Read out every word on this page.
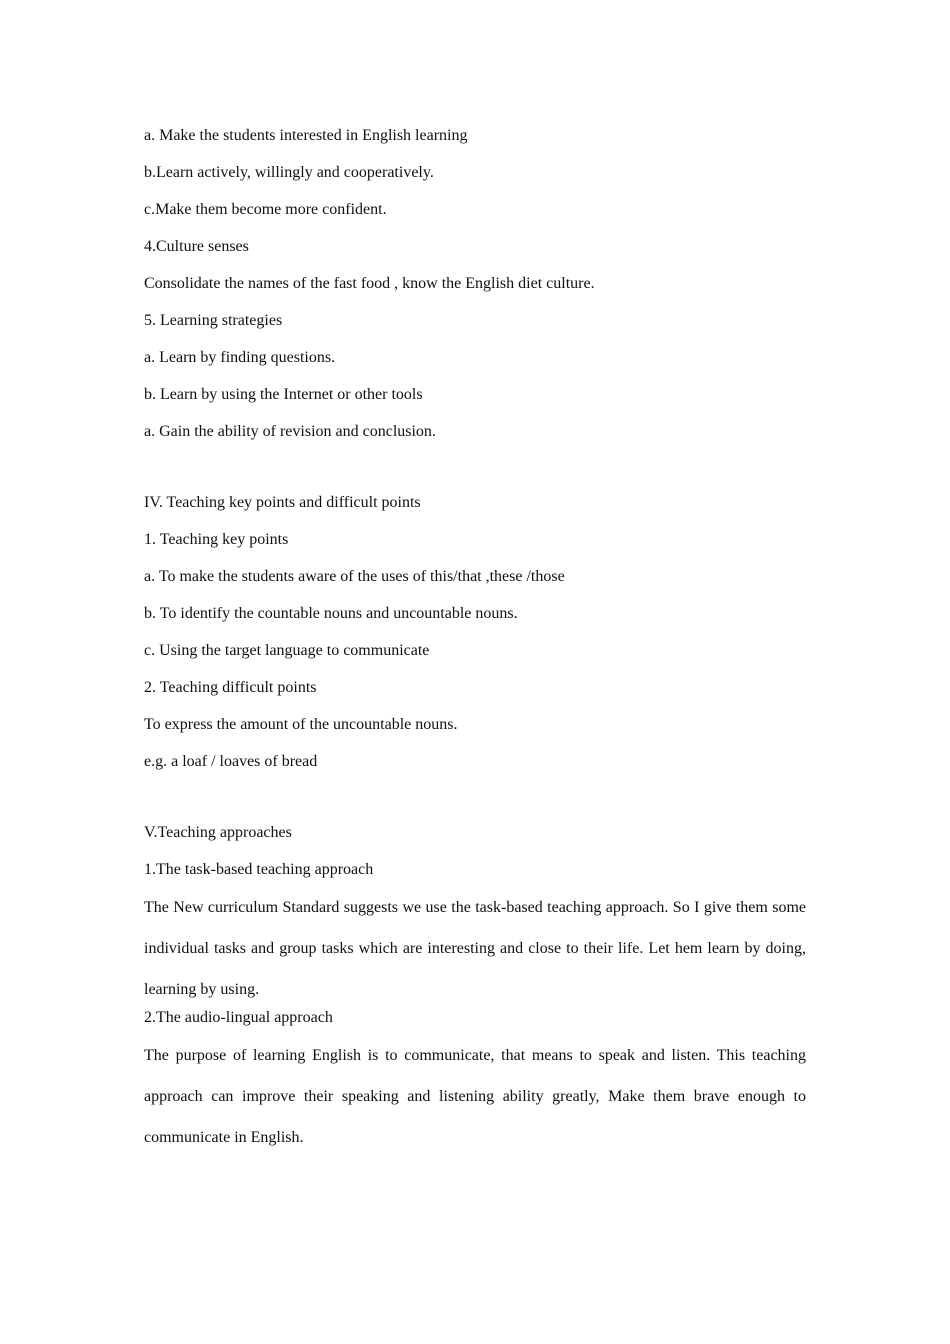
a. Make the students interested in English learning
b.Learn actively, willingly and cooperatively.
c.Make them become more confident.
4.Culture senses
Consolidate the names of the fast food , know the English diet culture.
5. Learning strategies
a. Learn by finding questions.
b. Learn by using the Internet or other tools
a. Gain the ability of revision and conclusion.
IV. Teaching key points and difficult points
1. Teaching key points
a. To make the students aware of the uses of this/that ,these /those
b. To identify the countable nouns and uncountable nouns.
c. Using the target language to communicate
2. Teaching difficult points
To express the amount of the uncountable nouns.
e.g. a loaf / loaves of bread
V.Teaching approaches
1.The task-based teaching approach
The New curriculum Standard suggests we use the task-based teaching approach. So I give them some individual tasks and group tasks which are interesting and close to their life. Let hem learn by doing, learning by using.
2.The audio-lingual approach
The purpose of learning English is to communicate, that means to speak and listen. This teaching approach can improve their speaking and listening ability greatly, Make them brave enough to communicate in English.
